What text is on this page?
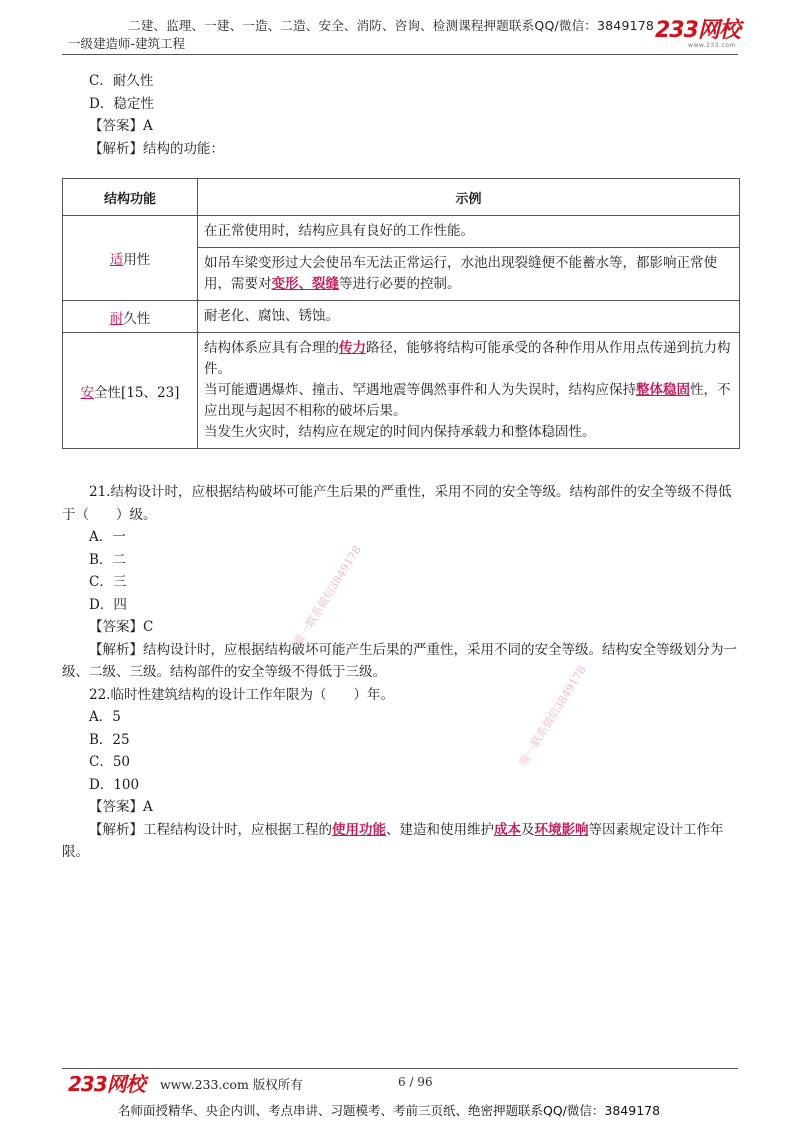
二建、监理、一建、一造、二造、安全、消防、咨询、检测课程押题联系QQ/微信：3849178
一级建造师-建筑工程
233网校
www.233.com
C．耐久性
D．稳定性
【答案】A
【解析】结构的功能：
结构功能	示例
适用性	在正常使用时，结构应具有良好的工作性能。
	如吊车梁变形过大会使吊车无法正常运行，水池出现裂缝便不能蓄水等，都影响正常使用，需要对变形、裂缝等进行必要的控制。
耐久性	耐老化、腐蚀、锈蚀。
安全性[15、23]	结构体系应具有合理的传力路径，能够将结构可能承受的各种作用从作用点传递到抗力构件。
当可能遭遇爆炸、撞击、罕遇地震等偶然事件和人为失误时，结构应保持整体稳固性，不应出现与起因不相称的破坏后果。
当发生火灾时，结构应在规定的时间内保持承载力和整体稳固性。
21.结构设计时，应根据结构破坏可能产生后果的严重性，采用不同的安全等级。结构部件的安全等级不得低于（　　）级。
A．一
B．二
C．三
D．四
【答案】C
【解析】结构设计时，应根据结构破坏可能产生后果的严重性，采用不同的安全等级。结构安全等级划分为一级、二级、三级。结构部件的安全等级不得低于三级。
22.临时性建筑结构的设计工作年限为（　　）年。
A．5
B．25
C．50
D．100
【答案】A
【解析】工程结构设计时，应根据工程的使用功能、建造和使用维护成本及环境影响等因素规定设计工作年限。
唯一联系微信3849178
唯一联系微信3849178
233网校 www.233.com 版权所有	6 / 96
名师面授精华、央企内训、考点串讲、习题模考、考前三页纸、绝密押题联系QQ/微信：3849178
